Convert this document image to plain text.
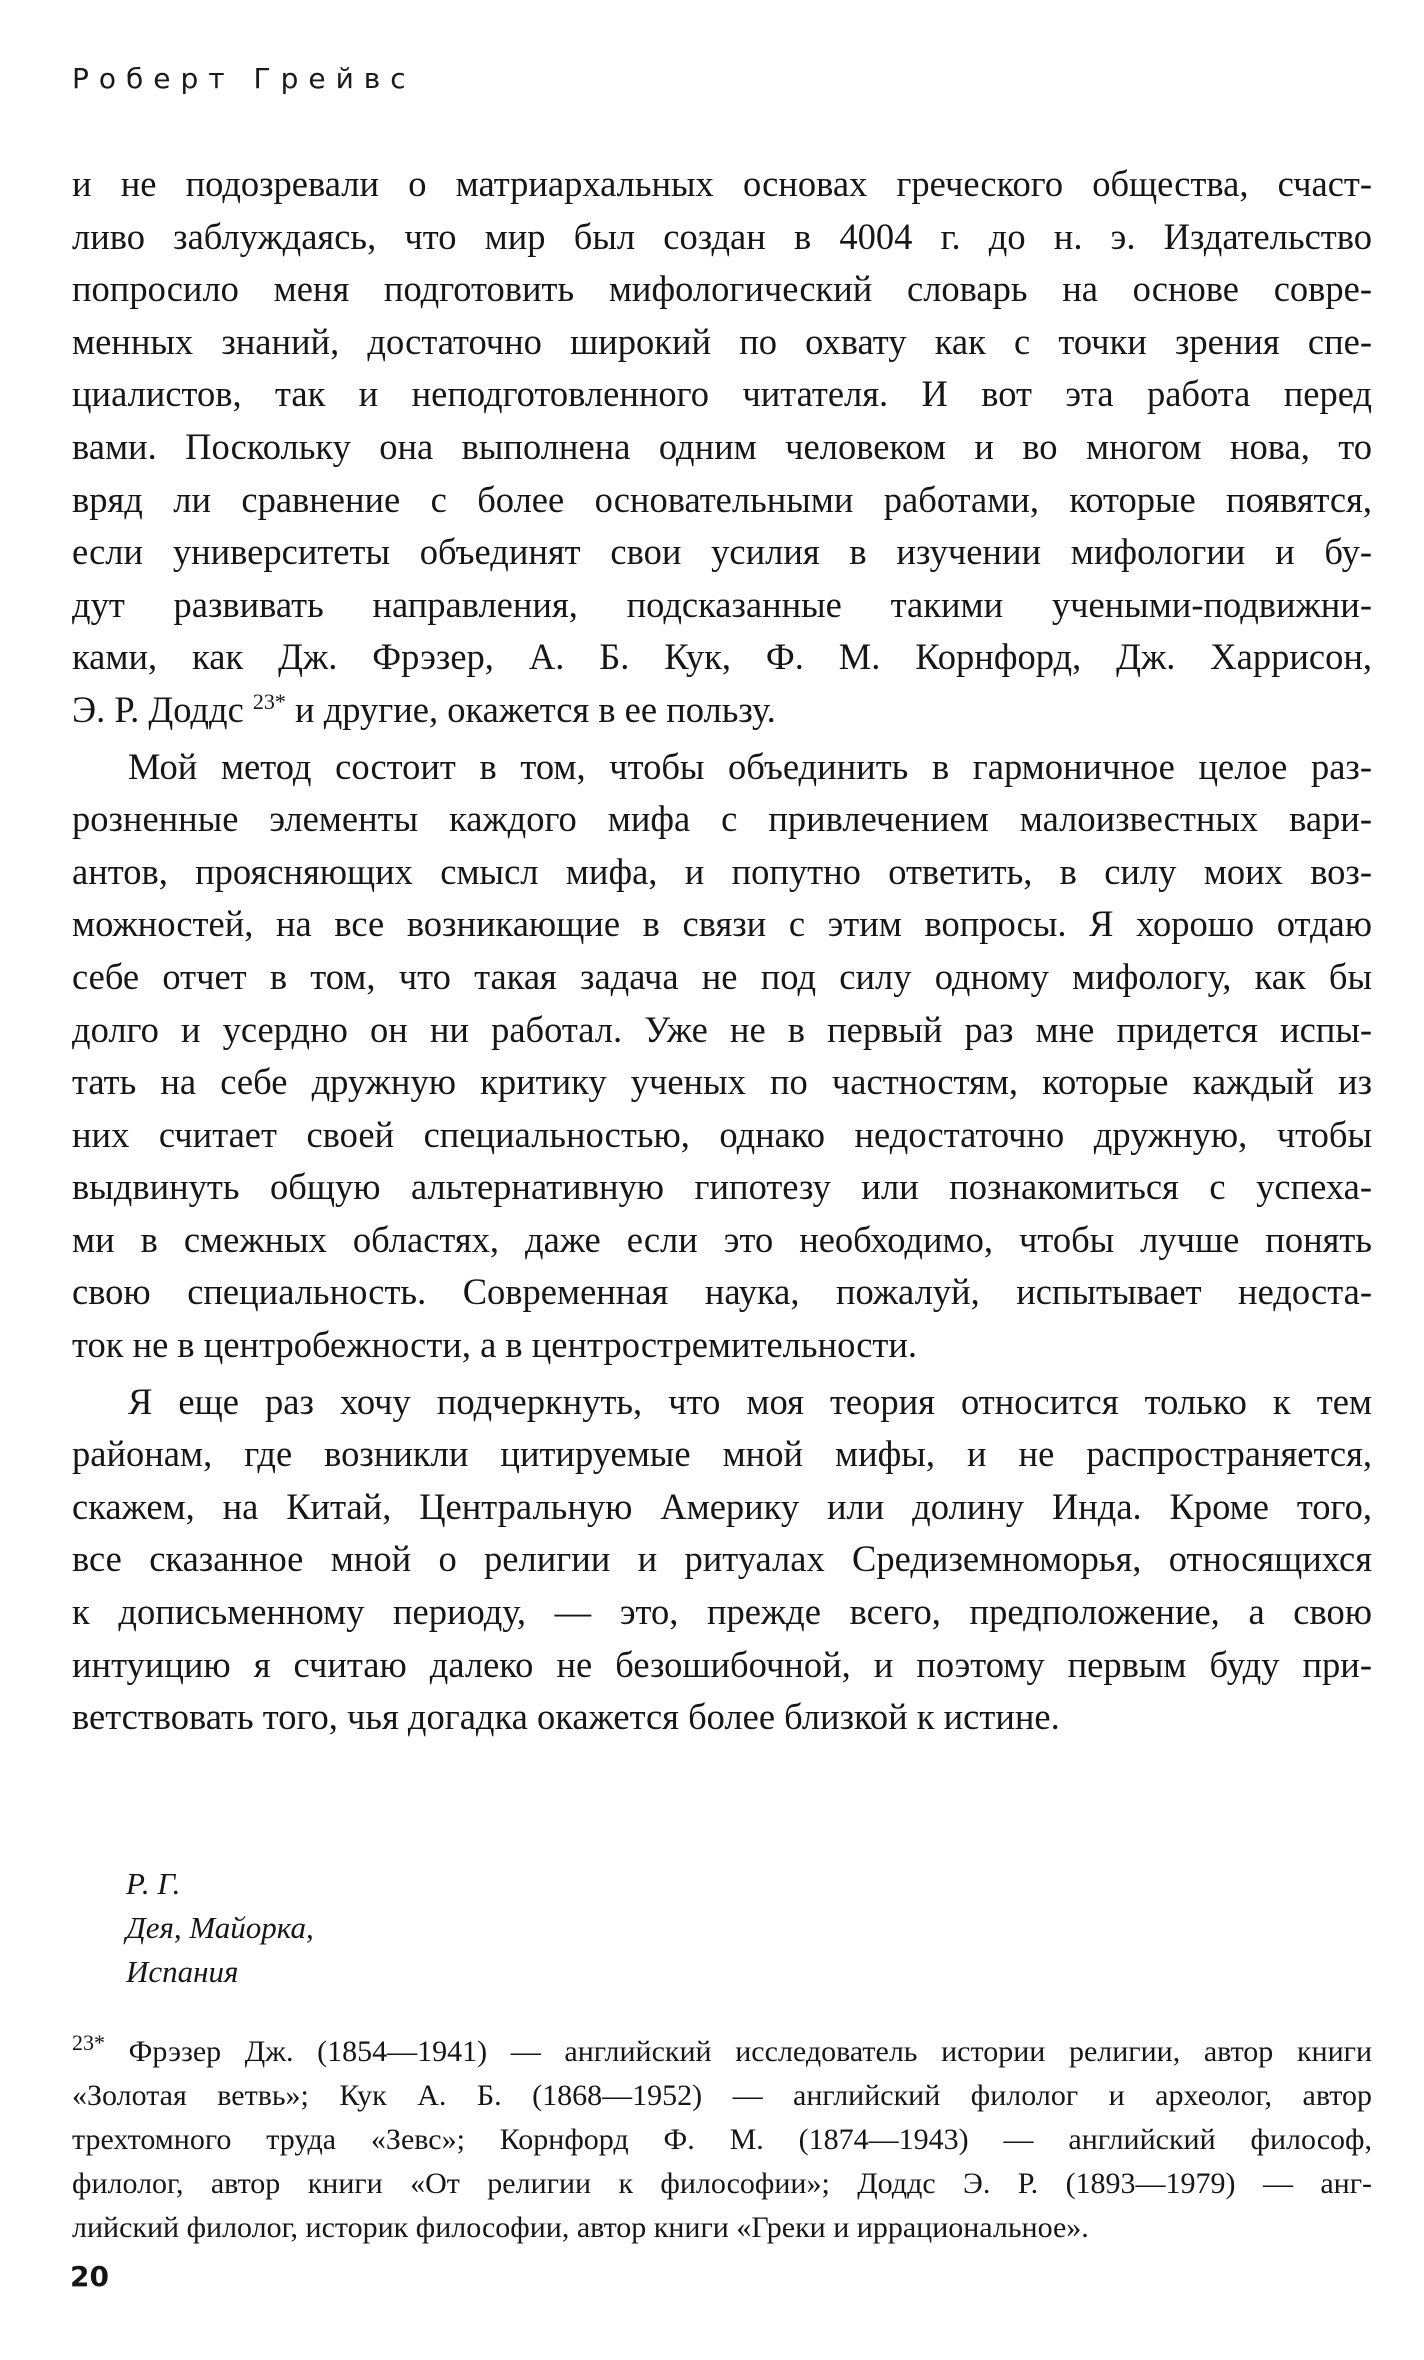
Роберт Грейвс

и не подозревали о матриархальных основах греческого общества, счаст-
ливо заблуждаясь, что мир был создан в 4004 г. до н. э. Издательство
попросило меня подготовить мифологический словарь на основе совре-
менных знаний, достаточно широкий по охвату как с точки зрения спе-
циалистов, так и неподготовленного читателя. И вот эта работа перед
вами. Поскольку она выполнена одним человеком и во многом нова, то
вряд ли сравнение с более основательными работами, которые появятся,
если университеты объединят свои усилия в изучении мифологии и бу-
дут развивать направления, подсказанные такими учеными-подвижни-
ками, как Дж. Фрэзер, А. Б. Кук, Ф. М. Корнфорд, Дж. Харрисон,
Э. Р. Доддс $^{23*}$ и другие, окажется в ее пользу.

Мой метод состоит в том, чтобы объединить в гармоничное целое раз-
розненные элементы каждого мифа с привлечением малоизвестных вари-
антов, проясняющих смысл мифа, и попутно ответить, в силу моих воз-
можностей, на все возникающие в связи с этим вопросы. Я хорошо отдаю
себе отчет в том, что такая задача не под силу одному мифологу, как бы
долго и усердно он ни работал. Уже не в первый раз мне придется испы-
тать на себе дружную критику ученых по частностям, которые каждый из
них считает своей специальностью, однако недостаточно дружную, чтобы
выдвинуть общую альтернативную гипотезу или познакомиться с успеха-
ми в смежных областях, даже если это необходимо, чтобы лучше понять
свою специальность. Современная наука, пожалуй, испытывает недоста-
ток не в центробежности, а в центростремительности.

Я еще раз хочу подчеркнуть, что моя теория относится только к тем
районам, где возникли цитируемые мной мифы, и не распространяется,
скажем, на Китай, Центральную Америку или долину Инда. Кроме того,
все сказанное мной о религии и ритуалах Средиземноморья, относящихся
к дописьменному периоду, — это, прежде всего, предположение, а свою
интуицию я считаю далеко не безошибочной, и поэтому первым буду при-
ветствовать того, чья догадка окажется более близкой к истине.

Р. Г.
Дея, Майорка,
Испания
$^{23*}$ Фрэзер Дж. (1854—1941) — английский исследователь истории религии, автор книги
«Золотая ветвь»; Кук А. Б. (1868—1952) — английский филолог и археолог, автор
трехтомного труда «Зевс»; Корнфорд Ф. М. (1874—1943) — английский философ,
филолог, автор книги «От религии к философии»; Доддс Э. Р. (1893—1979) — анг-
лийский филолог, историк философии, автор книги «Греки и иррациональное».
20
